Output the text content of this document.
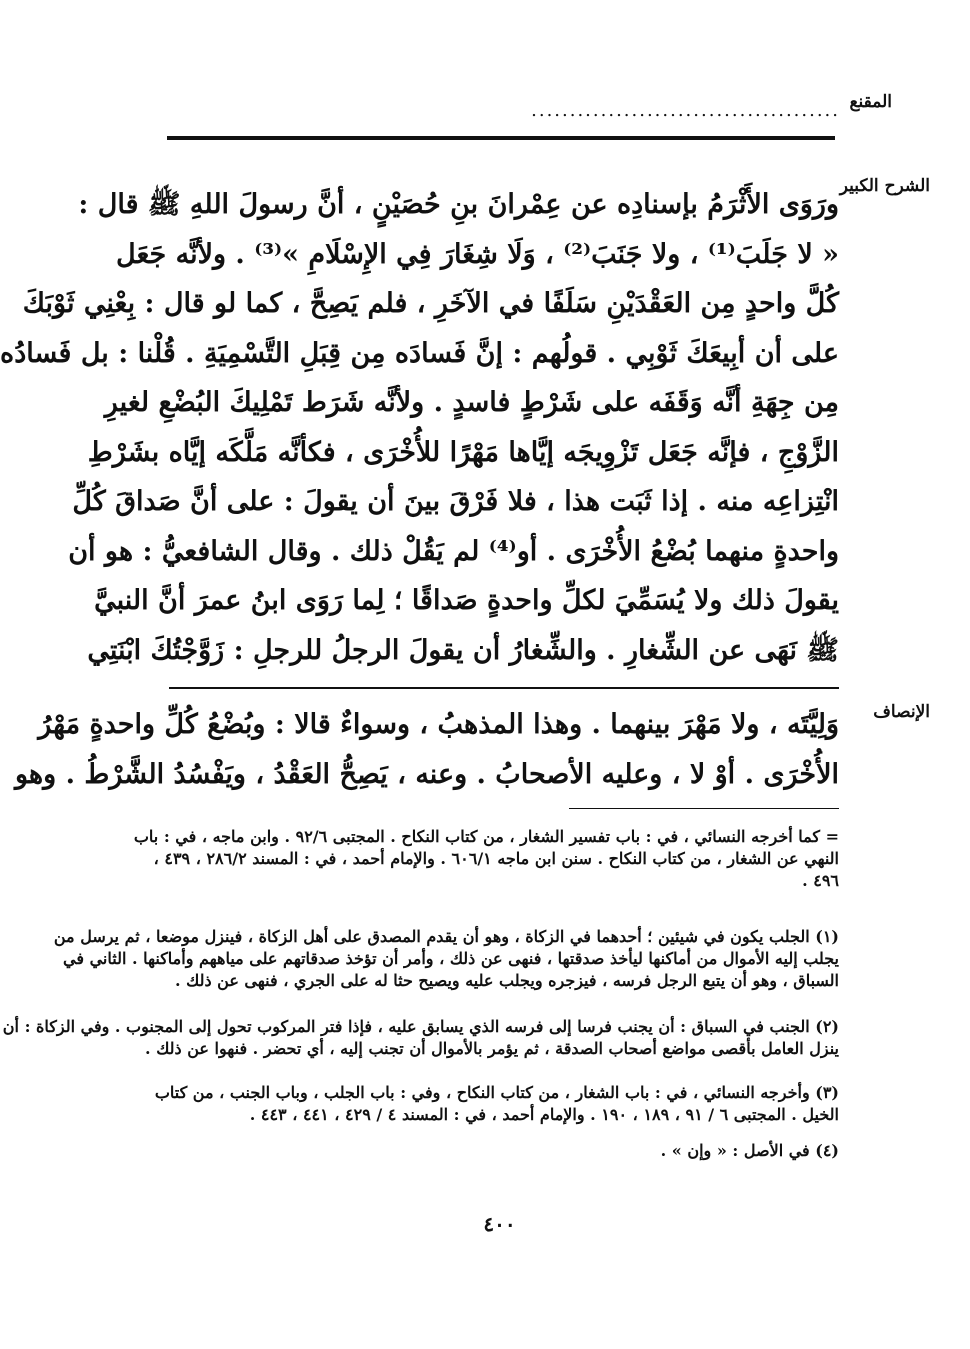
المقنع
........................................
الشرح الكبير
ورَوَى الأَثْرَمُ بإسنادِه عن عِمْرانَ بنِ حُصَيْنٍ ، أنَّ رسولَ اللهِ ﷺ قال :
« لا جَلَبَ⁽¹⁾ ، ولا جَنَبَ⁽²⁾ ، وَلَا شِغَارَ فِي الإِسْلَامِ »⁽³⁾ . ولأنَّه جَعَل
كُلَّ واحدٍ مِن العَقْدَيْنِ سَلَفًا في الآخَرِ ، فلم يَصِحَّ ، كما لو قال : بِعْنِي ثَوْبَكَ
على أن أبِيعَكَ ثَوْبِي . قولُهم : إنَّ فَسادَه مِن قِبَلِ التَّسْمِيَةِ . قُلْنا : بل فَسادُه
مِن جِهَةِ أنَّه وَقَفَه على شَرْطٍ فاسدٍ . ولأنَّه شَرَط تَمْلِيكَ البُضْعِ لغيرِ
الزَّوْجِ ، فإنَّه جَعَل تَزْوِيجَه إيَّاها مَهْرًا للأُخْرَى ، فكأنَّه مَلَّكَه إيَّاه بشَرْطِ
انْتِزاعِه منه . إذا ثَبَت هذا ، فلا فَرْقَ بينَ أن يقولَ : على أنَّ صَداقَ كُلِّ
واحدةٍ منهما بُضْعُ الأُخْرَى . أو⁽⁴⁾ لم يَقُلْ ذلك . وقال الشافعيُّ : هو أن
يقولَ ذلك ولا يُسَمِّيَ لكلِّ واحدةٍ صَداقًا ؛ لِما رَوَى ابنُ عمرَ أنَّ النبيَّ
ﷺ نَهَى عن الشِّغارِ . والشِّغارُ أن يقولَ الرجلُ للرجلِ : زَوَّجْتُكَ ابْنَتِي
الإنصاف
وَلِيَّتَه ، ولا مَهْرَ بينهما . وهذا المذهبُ ، وسواءٌ قالا : وبُضْعُ كُلِّ واحدةٍ مَهْرُ
الأُخْرَى . أوْ لا ، وعليه الأصحابُ . وعنه ، يَصِحُّ العَقْدُ ، ويَفْسُدُ الشَّرْطُ . وهو
= كما أخرجه النسائي ، في : باب تفسير الشغار ، من كتاب النكاح . المجتبى ٩٢/٦ . وابن ماجه ، في : باب
النهي عن الشغار ، من كتاب النكاح . سنن ابن ماجه ٦٠٦/١ . والإمام أحمد ، في : المسند ٢٨٦/٢ ، ٤٣٩ ،
٤٩٦ .
(١) الجلب يكون في شيئين ؛ أحدهما في الزكاة ، وهو أن يقدم المصدق على أهل الزكاة ، فينزل موضعا ، ثم يرسل من
يجلب إليه الأموال من أماكنها ليأخذ صدقتها ، فنهى عن ذلك ، وأمر أن تؤخذ صدقاتهم على مياههم وأماكنها . الثاني في
السباق ، وهو أن يتبع الرجل فرسه ، فيزجره ويجلب عليه ويصيح حثا له على الجري ، فنهى عن ذلك .
(٢) الجنب في السباق : أن يجنب فرسا إلى فرسه الذي يسابق عليه ، فإذا فتر المركوب تحول إلى المجنوب . وفي الزكاة : أن
ينزل العامل بأقصى مواضع أصحاب الصدقة ، ثم يؤمر بالأموال أن تجنب إليه ، أي تحضر . فنهوا عن ذلك .
(٣) وأخرجه النسائي ، في : باب الشغار ، من كتاب النكاح ، وفي : باب الجلب ، وباب الجنب ، من كتاب
الخيل . المجتبى ٦ / ٩١ ، ١٨٩ ، ١٩٠ . والإمام أحمد ، في : المسند ٤ / ٤٢٩ ، ٤٤١ ، ٤٤٣ .
(٤) في الأصل : « وإن » .
٤٠٠
